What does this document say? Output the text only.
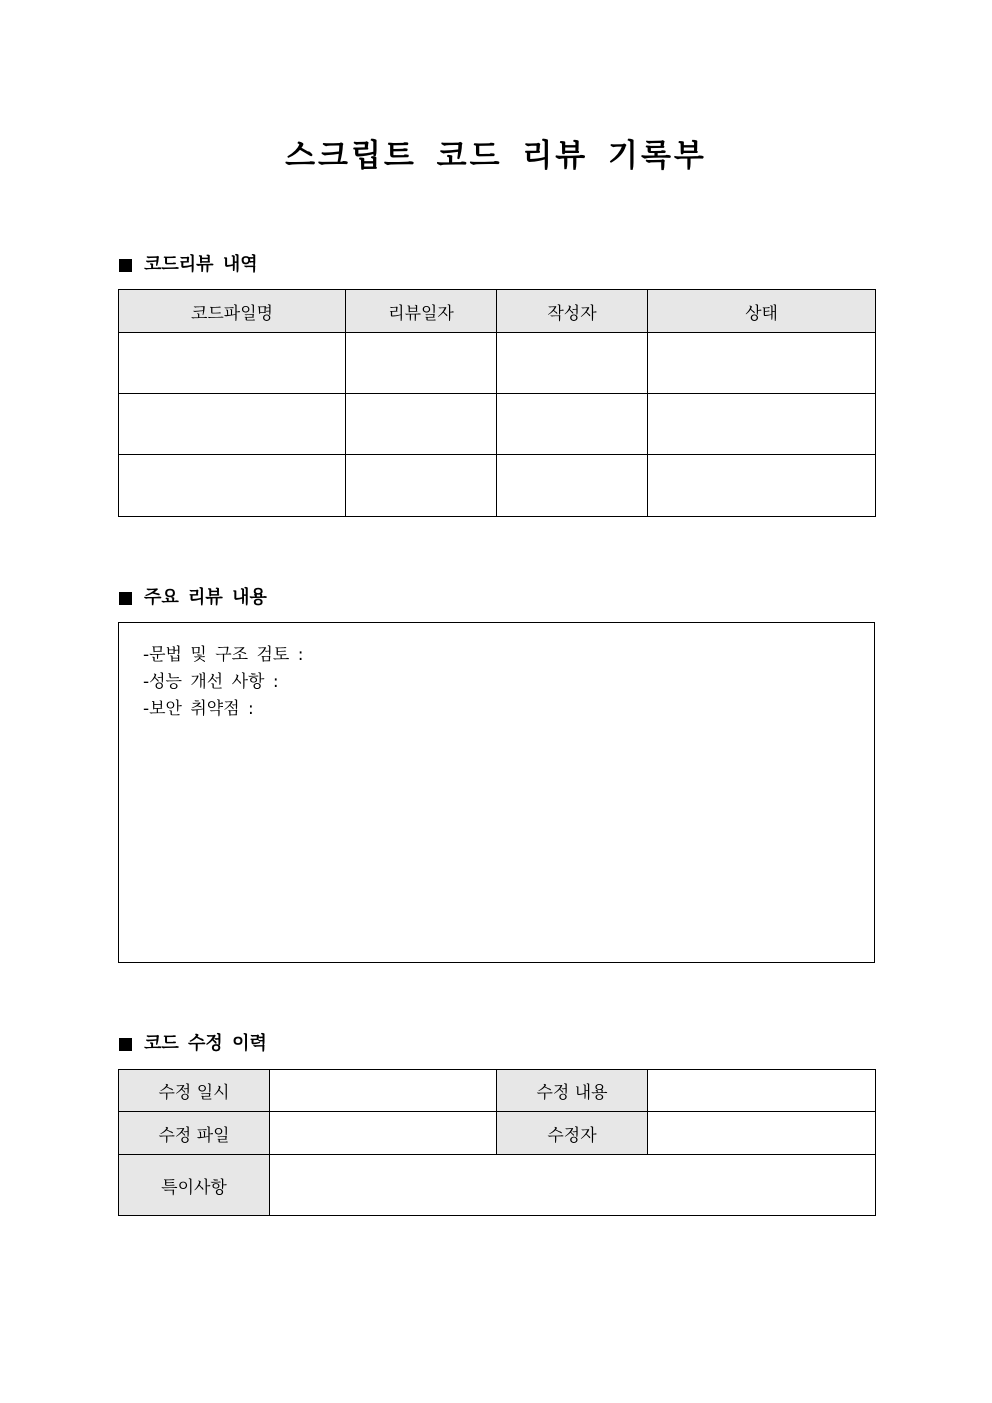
스크립트 코드 리뷰 기록부
코드리뷰 내역
코드파일명	리뷰일자	작성자	상태

주요 리뷰 내용
-문법 및 구조 검토 :
-성능 개선 사항 :
-보안 취약점 :
코드 수정 이력
수정 일시		수정 내용	
수정 파일		수정자	
특이사항			
